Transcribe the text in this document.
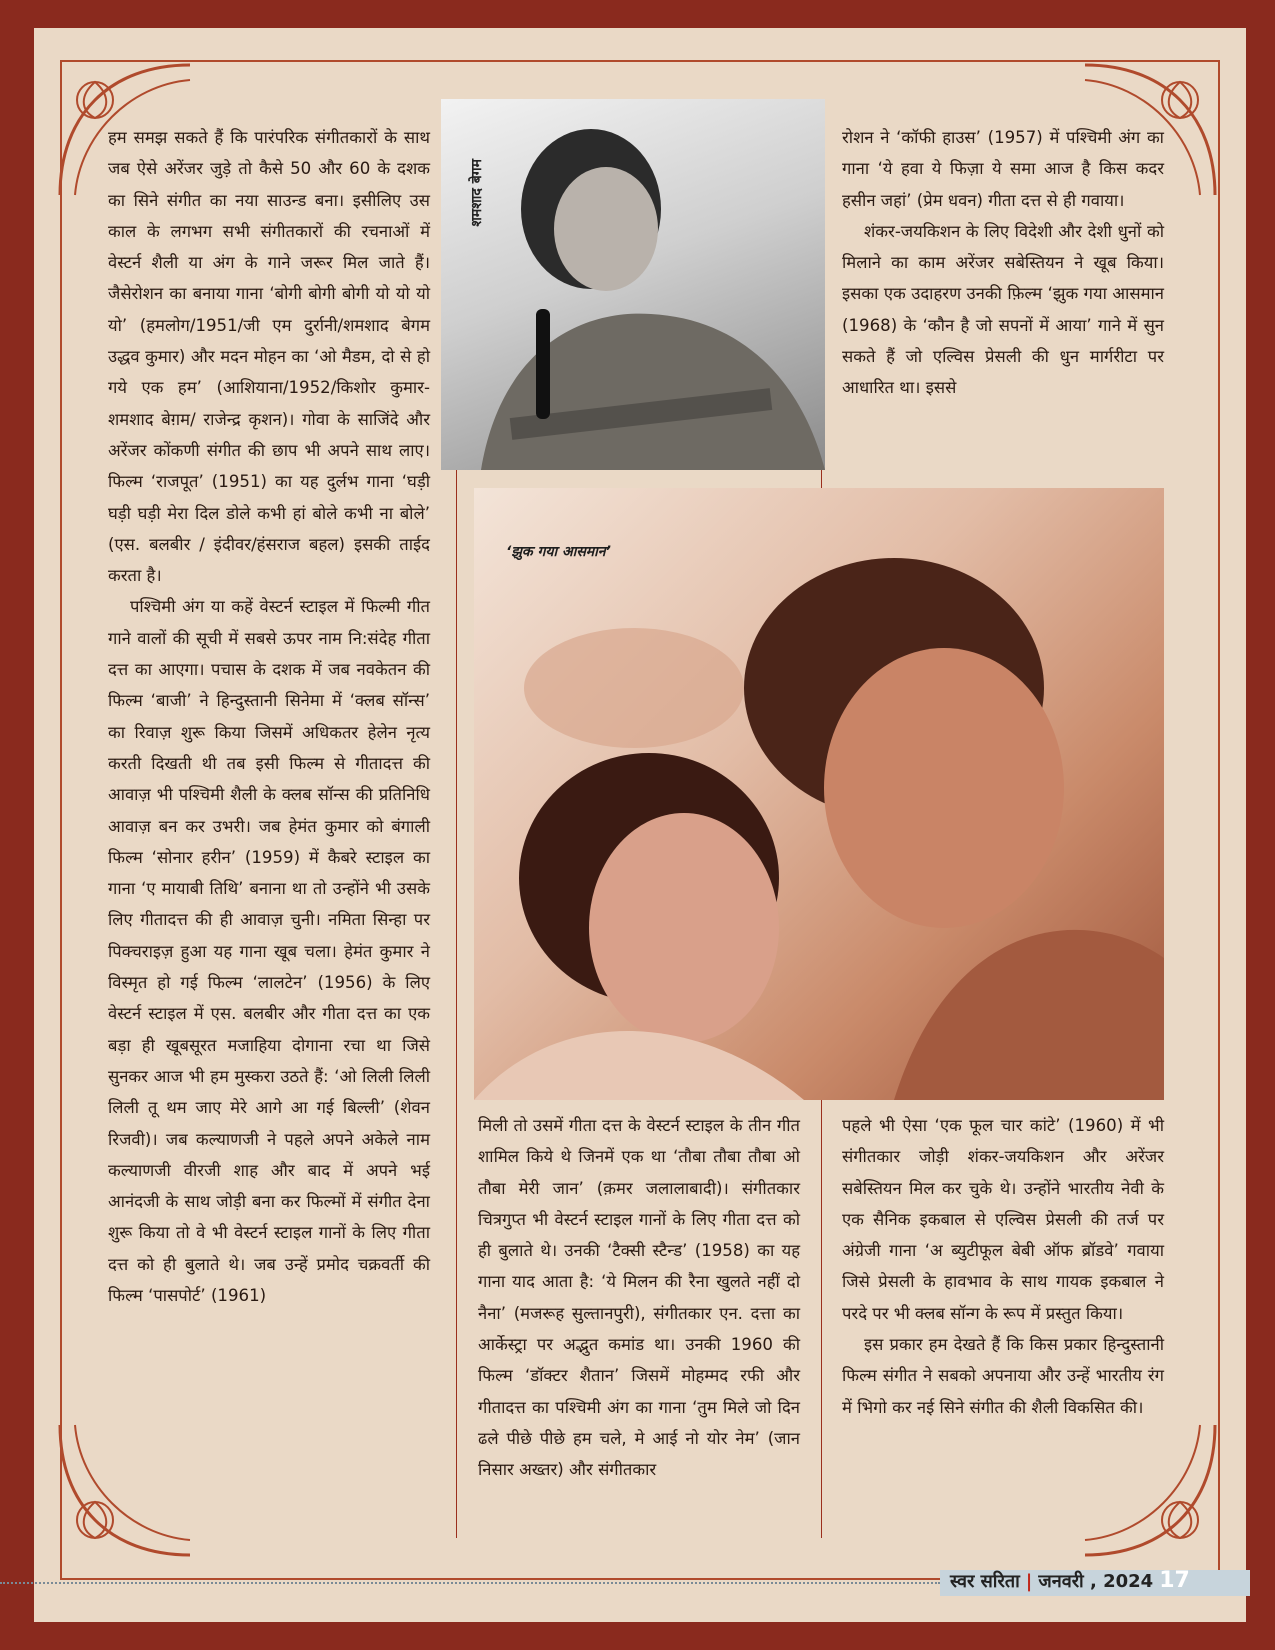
हम समझ सकते हैं कि पारंपरिक संगीतकारों के साथ जब ऐसे अरेंजर जुड़े तो कैसे 50 और 60 के दशक का सिने संगीत का नया साउन्ड बना। इसीलिए उस काल के लगभग सभी संगीतकारों की रचनाओं में वेस्टर्न शैली या अंग के गाने जरूर मिल जाते हैं। जैसेरोशन का बनाया गाना ‘बोगी बोगी बोगी यो यो यो यो’ (हमलोग/1951/जी एम दुर्रानी/शमशाद बेगम उद्धव कुमार) और मदन मोहन का ‘ओ मैडम, दो से हो गये एक हम’ (आशियाना/1952/किशोर कुमार-शमशाद बेग़म/ राजेन्द्र कृशन)। गोवा के साजिंदे और अरेंजर कोंकणी संगीत की छाप भी अपने साथ लाए। फिल्म ‘राजपूत’ (1951) का यह दुर्लभ गाना ‘घड़ी घड़ी घड़ी मेरा दिल डोले कभी हां बोले कभी ना बोले’ (एस. बलबीर / इंदीवर/हंसराज बहल) इसकी ताईद करता है।

पश्चिमी अंग या कहें वेस्टर्न स्टाइल में फिल्मी गीत गाने वालों की सूची में सबसे ऊपर नाम नि:संदेह गीता दत्त का आएगा। पचास के दशक में जब नवकेतन की फिल्म ‘बाजी’ ने हिन्दुस्तानी सिनेमा में ‘क्लब सॉन्स’ का रिवाज़ शुरू किया जिसमें अधिकतर हेलेन नृत्य करती दिखती थी तब इसी फिल्म से गीतादत्त की आवाज़ भी पश्चिमी शैली के क्लब सॉन्स की प्रतिनिधि आवाज़ बन कर उभरी। जब हेमंत कुमार को बंगाली फिल्म ‘सोनार हरीन’ (1959) में कैबरे स्टाइल का गाना ‘ए मायाबी तिथि’ बनाना था तो उन्होंने भी उसके लिए गीतादत्त की ही आवाज़ चुनी। नमिता सिन्हा पर पिक्चराइज़ हुआ यह गाना खूब चला। हेमंत कुमार ने विस्मृत हो गई फिल्म ‘लालटेन’ (1956) के लिए वेस्टर्न स्टाइल में एस. बलबीर और गीता दत्त का एक बड़ा ही खूबसूरत मजाहिया दोगाना रचा था जिसे सुनकर आज भी हम मुस्करा उठते हैं: ‘ओ लिली लिली लिली तू थम जाए मेरे आगे आ गई बिल्ली’ (शेवन रिजवी)। जब कल्याणजी ने पहले अपने अकेले नाम कल्याणजी वीरजी शाह और बाद में अपने भई आनंदजी के साथ जोड़ी बना कर फिल्मों में संगीत देना शुरू किया तो वे भी वेस्टर्न स्टाइल गानों के लिए गीता दत्त को ही बुलाते थे। जब उन्हें प्रमोद चक्रवर्ती की फिल्म ‘पासपोर्ट’ (1961)

शमशाद बेगम

रोशन ने ‘कॉफी हाउस’ (1957) में पश्चिमी अंग का गाना ‘ये हवा ये फिज़ा ये समा आज है किस कदर हसीन जहां’ (प्रेम धवन) गीता दत्त से ही गवाया।

शंकर-जयकिशन के लिए विदेशी और देशी धुनों को मिलाने का काम अरेंजर सबेस्तियन ने खूब किया। इसका एक उदाहरण उनकी फ़िल्म ‘झुक गया आसमान (1968) के ‘कौन है जो सपनों में आया’ गाने में सुन सकते हैं जो एल्विस प्रेसली की धुन मार्गरीटा पर आधारित था। इससे

‘झुक गया आसमान’

मिली तो उसमें गीता दत्त के वेस्टर्न स्टाइल के तीन गीत शामिल किये थे जिनमें एक था ‘तौबा तौबा तौबा ओ तौबा मेरी जान’ (क़मर जलालाबादी)। संगीतकार चित्रगुप्त भी वेस्टर्न स्टाइल गानों के लिए गीता दत्त को ही बुलाते थे। उनकी ‘टैक्सी स्टैन्ड’ (1958) का यह गाना याद आता है: ‘ये मिलन की रैना खुलते नहीं दो नैना’ (मजरूह सुल्तानपुरी), संगीतकार एन. दत्ता का आर्केस्ट्रा पर अद्भुत कमांड था। उनकी 1960 की फिल्म ‘डॉक्टर शैतान’ जिसमें मोहम्मद रफी और गीतादत्त का पश्चिमी अंग का गाना ‘तुम मिले जो दिन ढले पीछे पीछे हम चले, मे आई नो योर नेम’ (जान निसार अख्तर) और संगीतकार

पहले भी ऐसा ‘एक फूल चार कांटे’ (1960) में भी संगीतकार जोड़ी शंकर-जयकिशन और अरेंजर सबेस्तियन मिल कर चुके थे। उन्होंने भारतीय नेवी के एक सैनिक इकबाल से एल्विस प्रेसली की तर्ज पर अंग्रेजी गाना ‘अ ब्युटीफूल बेबी ऑफ ब्रॉडवे’ गवाया जिसे प्रेसली के हावभाव के साथ गायक इकबाल ने परदे पर भी क्लब सॉन्ग के रूप में प्रस्तुत किया।

इस प्रकार हम देखते हैं कि किस प्रकार हिन्दुस्तानी फिल्म संगीत ने सबको अपनाया और उन्हें भारतीय रंग में भिगो कर नई सिने संगीत की शैली विकसित की।

स्वर सरिता | जनवरी , 2024 17
